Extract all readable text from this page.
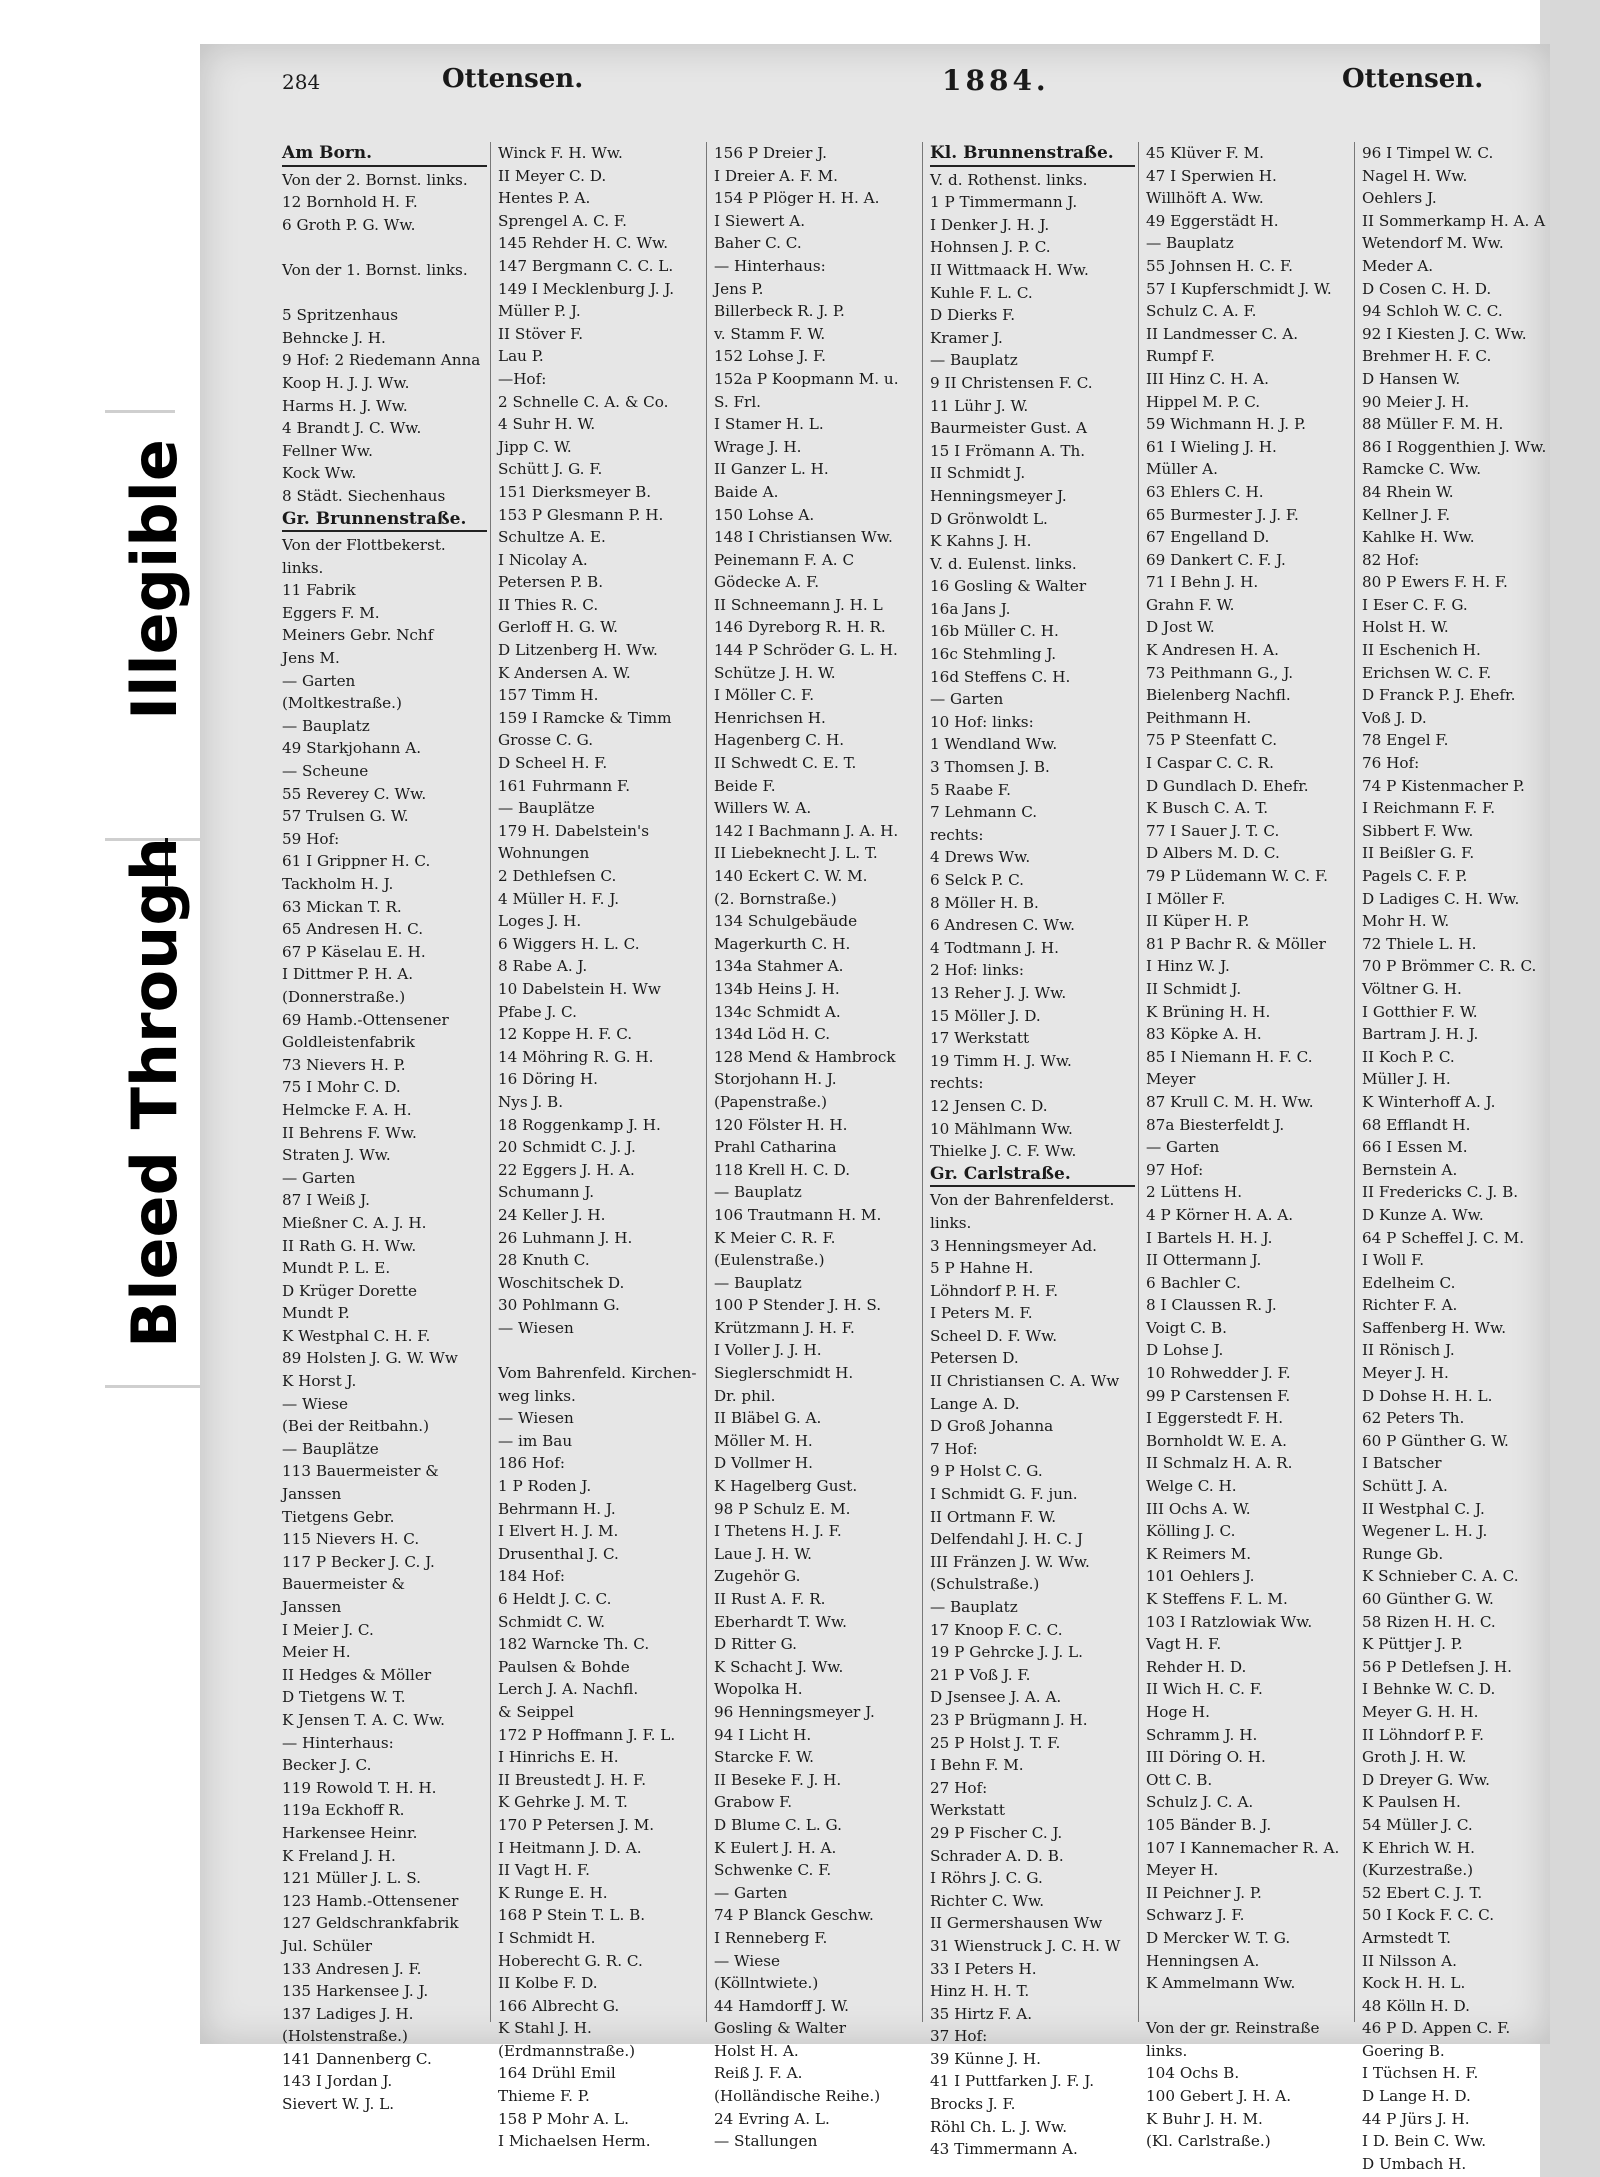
Illegible
Bleed Through
284	Ottensen.	1884.	Ottensen.
Am Born.
Von der 2. Bornst. links.
12 Bornhold H. F.
6 Groth P. G. Ww.
Von der 1. Bornst. links.
5 Spritzenhaus
Behncke J. H.
9 Hof: 2 Riedemann Anna
Koop H. J. J. Ww.
Harms H. J. Ww.
4 Brandt J. C. Ww.
Fellner Ww.
Kock Ww.
8 Städt. Siechenhaus
Gr. Brunnenstraße.
Von der Flottbekerst.
links.
11 Fabrik
Eggers F. M.
Meiners Gebr. Nchf
Jens M.
— Garten
(Moltkestraße.)
— Bauplatz
49 Starkjohann A.
— Scheune
55 Reverey C. Ww.
57 Trulsen G. W.
59 Hof:
61 I Grippner H. C.
Tackholm H. J.
63 Mickan T. R.
65 Andresen H. C.
67 P Käselau E. H.
I Dittmer P. H. A.
(Donnerstraße.)
69 Hamb.-Ottensener
Goldleistenfabrik
73 Nievers H. P.
75 I Mohr C. D.
Helmcke F. A. H.
II Behrens F. Ww.
Straten J. Ww.
— Garten
87 I Weiß J.
Mießner C. A. J. H.
II Rath G. H. Ww.
Mundt P. L. E.
D Krüger Dorette
Mundt P.
K Westphal C. H. F.
89 Holsten J. G. W. Ww
K Horst J.
— Wiese
(Bei der Reitbahn.)
— Bauplätze
113 Bauermeister &
Janssen
Tietgens Gebr.
115 Nievers H. C.
117 P Becker J. C. J.
Bauermeister &
Janssen
I Meier J. C.
Meier H.
II Hedges & Möller
D Tietgens W. T.
K Jensen T. A. C. Ww.
— Hinterhaus:
Becker J. C.
119 Rowold T. H. H.
119a Eckhoff R.
Harkensee Heinr.
K Freland J. H.
121 Müller J. L. S.
123 Hamb.-Ottensener
127 Geldschrankfabrik
Jul. Schüler
133 Andresen J. F.
135 Harkensee J. J.
137 Ladiges J. H.
(Holstenstraße.)
141 Dannenberg C.
143 I Jordan J.
Sievert W. J. L.
Winck F. H. Ww.
II Meyer C. D.
Hentes P. A.
Sprengel A. C. F.
145 Rehder H. C. Ww.
147 Bergmann C. C. L.
149 I Mecklenburg J. J.
Müller P. J.
II Stöver F.
Lau P.
—Hof:
2 Schnelle C. A. & Co.
4 Suhr H. W.
Jipp C. W.
Schütt J. G. F.
151 Dierksmeyer B.
153 P Glesmann P. H.
Schultze A. E.
I Nicolay A.
Petersen P. B.
II Thies R. C.
Gerloff H. G. W.
D Litzenberg H. Ww.
K Andersen A. W.
157 Timm H.
159 I Ramcke & Timm
Grosse C. G.
D Scheel H. F.
161 Fuhrmann F.
— Bauplätze
179 H. Dabelstein's
Wohnungen
2 Dethlefsen C.
4 Müller H. F. J.
Loges J. H.
6 Wiggers H. L. C.
8 Rabe A. J.
10 Dabelstein H. Ww
Pfabe J. C.
12 Koppe H. F. C.
14 Möhring R. G. H.
16 Döring H.
Nys J. B.
18 Roggenkamp J. H.
20 Schmidt C. J. J.
22 Eggers J. H. A.
Schumann J.
24 Keller J. H.
26 Luhmann J. H.
28 Knuth C.
Woschitschek D.
30 Pohlmann G.
— Wiesen
Vom Bahrenfeld. Kirchen-
weg links.
— Wiesen
— im Bau
186 Hof:
1 P Roden J.
Behrmann H. J.
I Elvert H. J. M.
Drusenthal J. C.
184 Hof:
6 Heldt J. C. C.
Schmidt C. W.
182 Warncke Th. C.
Paulsen & Bohde
Lerch J. A. Nachfl.
& Seippel
172 P Hoffmann J. F. L.
I Hinrichs E. H.
II Breustedt J. H. F.
K Gehrke J. M. T.
170 P Petersen J. M.
I Heitmann J. D. A.
II Vagt H. F.
K Runge E. H.
168 P Stein T. L. B.
I Schmidt H.
Hoberecht G. R. C.
II Kolbe F. D.
166 Albrecht G.
K Stahl J. H.
(Erdmannstraße.)
164 Drühl Emil
Thieme F. P.
158 P Mohr A. L.
I Michaelsen Herm.
156 P Dreier J.
I Dreier A. F. M.
154 P Plöger H. H. A.
I Siewert A.
Baher C. C.
— Hinterhaus:
Jens P.
Billerbeck R. J. P.
v. Stamm F. W.
152 Lohse J. F.
152a P Koopmann M. u.
S. Frl.
I Stamer H. L.
Wrage J. H.
II Ganzer L. H.
Baide A.
150 Lohse A.
148 I Christiansen Ww.
Peinemann F. A. C
Gödecke A. F.
II Schneemann J. H. L
146 Dyreborg R. H. R.
144 P Schröder G. L. H.
Schütze J. H. W.
I Möller C. F.
Henrichsen H.
Hagenberg C. H.
II Schwedt C. E. T.
Beide F.
Willers W. A.
142 I Bachmann J. A. H.
II Liebeknecht J. L. T.
140 Eckert C. W. M.
(2. Bornstraße.)
134 Schulgebäude
Magerkurth C. H.
134a Stahmer A.
134b Heins J. H.
134c Schmidt A.
134d Löd H. C.
128 Mend & Hambrock
Storjohann H. J.
(Papenstraße.)
120 Fölster H. H.
Prahl Catharina
118 Krell H. C. D.
— Bauplatz
106 Trautmann H. M.
K Meier C. R. F.
(Eulenstraße.)
— Bauplatz
100 P Stender J. H. S.
Krützmann J. H. F.
I Voller J. J. H.
Sieglerschmidt H.
Dr. phil.
II Bläbel G. A.
Möller M. H.
D Vollmer H.
K Hagelberg Gust.
98 P Schulz E. M.
I Thetens H. J. F.
Laue J. H. W.
Zugehör G.
II Rust A. F. R.
Eberhardt T. Ww.
D Ritter G.
K Schacht J. Ww.
Wopolka H.
96 Henningsmeyer J.
94 I Licht H.
Starcke F. W.
II Beseke F. J. H.
Grabow F.
D Blume C. L. G.
K Eulert J. H. A.
Schwenke C. F.
— Garten
74 P Blanck Geschw.
I Renneberg F.
— Wiese
(Köllntwiete.)
44 Hamdorff J. W.
Gosling & Walter
Holst H. A.
Reiß J. F. A.
(Holländische Reihe.)
24 Evring A. L.
— Stallungen
Kl. Brunnenstraße.
V. d. Rothenst. links.
1 P Timmermann J.
I Denker J. H. J.
Hohnsen J. P. C.
II Wittmaack H. Ww.
Kuhle F. L. C.
D Dierks F.
Kramer J.
— Bauplatz
9 II Christensen F. C.
11 Lühr J. W.
Baurmeister Gust. A
15 I Frömann A. Th.
II Schmidt J.
Henningsmeyer J.
D Grönwoldt L.
K Kahns J. H.
V. d. Eulenst. links.
16 Gosling & Walter
16a Jans J.
16b Müller C. H.
16c Stehmling J.
16d Steffens C. H.
— Garten
10 Hof: links:
1 Wendland Ww.
3 Thomsen J. B.
5 Raabe F.
7 Lehmann C.
rechts:
4 Drews Ww.
6 Selck P. C.
8 Möller H. B.
6 Andresen C. Ww.
4 Todtmann J. H.
2 Hof: links:
13 Reher J. J. Ww.
15 Möller J. D.
17 Werkstatt
19 Timm H. J. Ww.
rechts:
12 Jensen C. D.
10 Mählmann Ww.
Thielke J. C. F. Ww.
Gr. Carlstraße.
Von der Bahrenfelderst.
links.
3 Henningsmeyer Ad.
5 P Hahne H.
Löhndorf P. H. F.
I Peters M. F.
Scheel D. F. Ww.
Petersen D.
II Christiansen C. A. Ww
Lange A. D.
D Groß Johanna
7 Hof:
9 P Holst C. G.
I Schmidt G. F. jun.
II Ortmann F. W.
Delfendahl J. H. C. J
III Fränzen J. W. Ww.
(Schulstraße.)
— Bauplatz
17 Knoop F. C. C.
19 P Gehrcke J. J. L.
21 P Voß J. F.
D Jsensee J. A. A.
23 P Brügmann J. H.
25 P Holst J. T. F.
I Behn F. M.
27 Hof:
Werkstatt
29 P Fischer C. J.
Schrader A. D. B.
I Röhrs J. C. G.
Richter C. Ww.
II Germershausen Ww
31 Wienstruck J. C. H. W
33 I Peters H.
Hinz H. H. T.
35 Hirtz F. A.
37 Hof:
39 Künne J. H.
41 I Puttfarken J. F. J.
Brocks J. F.
Röhl Ch. L. J. Ww.
43 Timmermann A.
45 Klüver F. M.
47 I Sperwien H.
Willhöft A. Ww.
49 Eggerstädt H.
— Bauplatz
55 Johnsen H. C. F.
57 I Kupferschmidt J. W.
Schulz C. A. F.
II Landmesser C. A.
Rumpf F.
III Hinz C. H. A.
Hippel M. P. C.
59 Wichmann H. J. P.
61 I Wieling J. H.
Müller A.
63 Ehlers C. H.
65 Burmester J. J. F.
67 Engelland D.
69 Dankert C. F. J.
71 I Behn J. H.
Grahn F. W.
D Jost W.
K Andresen H. A.
73 Peithmann G., J.
Bielenberg Nachfl.
Peithmann H.
75 P Steenfatt C.
I Caspar C. C. R.
D Gundlach D. Ehefr.
K Busch C. A. T.
77 I Sauer J. T. C.
D Albers M. D. C.
79 P Lüdemann W. C. F.
I Möller F.
II Küper H. P.
81 P Bachr R. & Möller
I Hinz W. J.
II Schmidt J.
K Brüning H. H.
83 Köpke A. H.
85 I Niemann H. F. C.
Meyer
87 Krull C. M. H. Ww.
87a Biesterfeldt J.
— Garten
97 Hof:
2 Lüttens H.
4 P Körner H. A. A.
I Bartels H. H. J.
II Ottermann J.
6 Bachler C.
8 I Claussen R. J.
Voigt C. B.
D Lohse J.
10 Rohwedder J. F.
99 P Carstensen F.
I Eggerstedt F. H.
Bornholdt W. E. A.
II Schmalz H. A. R.
Welge C. H.
III Ochs A. W.
Kölling J. C.
K Reimers M.
101 Oehlers J.
K Steffens F. L. M.
103 I Ratzlowiak Ww.
Vagt H. F.
Rehder H. D.
II Wich H. C. F.
Hoge H.
Schramm J. H.
III Döring O. H.
Ott C. B.
Schulz J. C. A.
105 Bänder B. J.
107 I Kannemacher R. A.
Meyer H.
II Peichner J. P.
Schwarz J. F.
D Mercker W. T. G.
Henningsen A.
K Ammelmann Ww.
Von der gr. Reinstraße
links.
104 Ochs B.
100 Gebert J. H. A.
K Buhr J. H. M.
(Kl. Carlstraße.)
96 I Timpel W. C.
Nagel H. Ww.
Oehlers J.
II Sommerkamp H. A. A
Wetendorf M. Ww.
Meder A.
D Cosen C. H. D.
94 Schloh W. C. C.
92 I Kiesten J. C. Ww.
Brehmer H. F. C.
D Hansen W.
90 Meier J. H.
88 Müller F. M. H.
86 I Roggenthien J. Ww.
Ramcke C. Ww.
84 Rhein W.
Kellner J. F.
Kahlke H. Ww.
82 Hof:
80 P Ewers F. H. F.
I Eser C. F. G.
Holst H. W.
II Eschenich H.
Erichsen W. C. F.
D Franck P. J. Ehefr.
Voß J. D.
78 Engel F.
76 Hof:
74 P Kistenmacher P.
I Reichmann F. F.
Sibbert F. Ww.
II Beißler G. F.
Pagels C. F. P.
D Ladiges C. H. Ww.
Mohr H. W.
72 Thiele L. H.
70 P Brömmer C. R. C.
Völtner G. H.
I Gotthier F. W.
Bartram J. H. J.
II Koch P. C.
Müller J. H.
K Winterhoff A. J.
68 Efflandt H.
66 I Essen M.
Bernstein A.
II Fredericks C. J. B.
D Kunze A. Ww.
64 P Scheffel J. C. M.
I Woll F.
Edelheim C.
Richter F. A.
Saffenberg H. Ww.
II Rönisch J.
Meyer J. H.
D Dohse H. H. L.
62 Peters Th.
60 P Günther G. W.
I Batscher
Schütt J. A.
II Westphal C. J.
Wegener L. H. J.
Runge Gb.
K Schnieber C. A. C.
60 Günther G. W.
58 Rizen H. H. C.
K Püttjer J. P.
56 P Detlefsen J. H.
I Behnke W. C. D.
Meyer G. H. H.
II Löhndorf P. F.
Groth J. H. W.
D Dreyer G. Ww.
K Paulsen H.
54 Müller J. C.
K Ehrich W. H.
(Kurzestraße.)
52 Ebert C. J. T.
50 I Kock F. C. C.
Armstedt T.
II Nilsson A.
Kock H. H. L.
48 Kölln H. D.
46 P D. Appen C. F.
Goering B.
I Tüchsen H. F.
D Lange H. D.
44 P Jürs J. H.
I D. Bein C. Ww.
D Umbach H.
